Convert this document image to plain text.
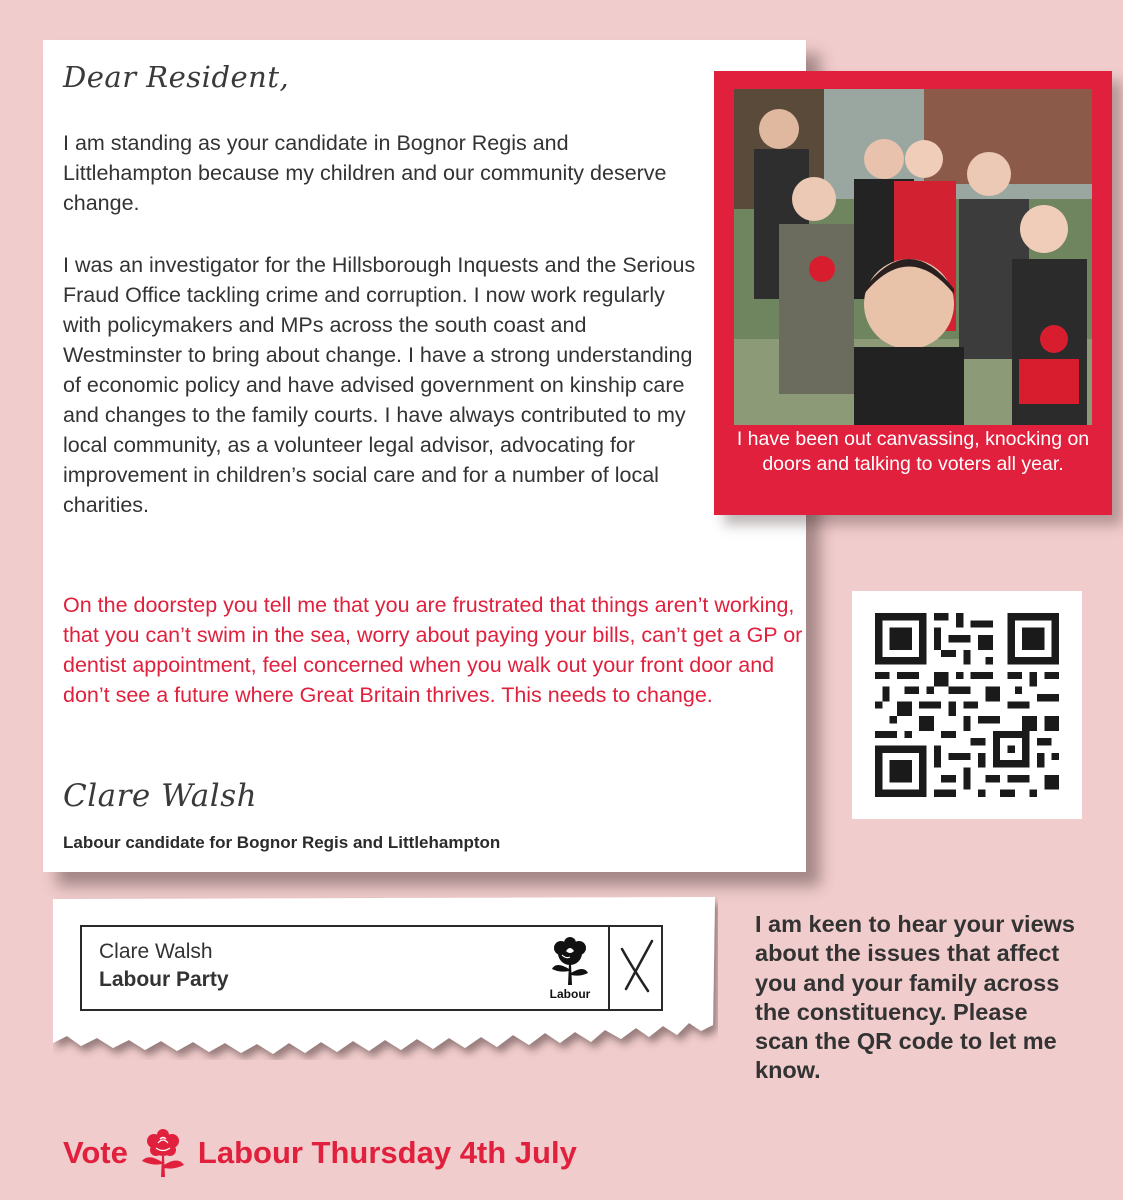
Dear Resident,

I am standing as your candidate in Bognor Regis and Littlehampton because my children and our community deserve change.

I was an investigator for the Hillsborough Inquests and the Serious Fraud Office tackling crime and corruption. I now work regularly with policymakers and MPs across the south coast and Westminster to bring about change. I have a strong understanding of economic policy and have advised government on kinship care and changes to the family courts. I have always contributed to my local community, as a volunteer legal advisor, advocating for improvement in children’s social care and for a number of local charities.

On the doorstep you tell me that you are frustrated that things aren’t working, that you can’t swim in the sea, worry about paying your bills, can’t get a GP or dentist appointment, feel concerned when you walk out your front door and don’t see a future where Great Britain thrives. This needs to change.

Clare Walsh
Labour candidate for Bognor Regis and Littlehampton
I have been out canvassing, knocking on doors and talking to voters all year.
Clare Walsh
Labour Party
Labour
I am keen to hear your views about the issues that affect you and your family across the constituency. Please scan the QR code to let me know.
Vote Labour Thursday 4th July
